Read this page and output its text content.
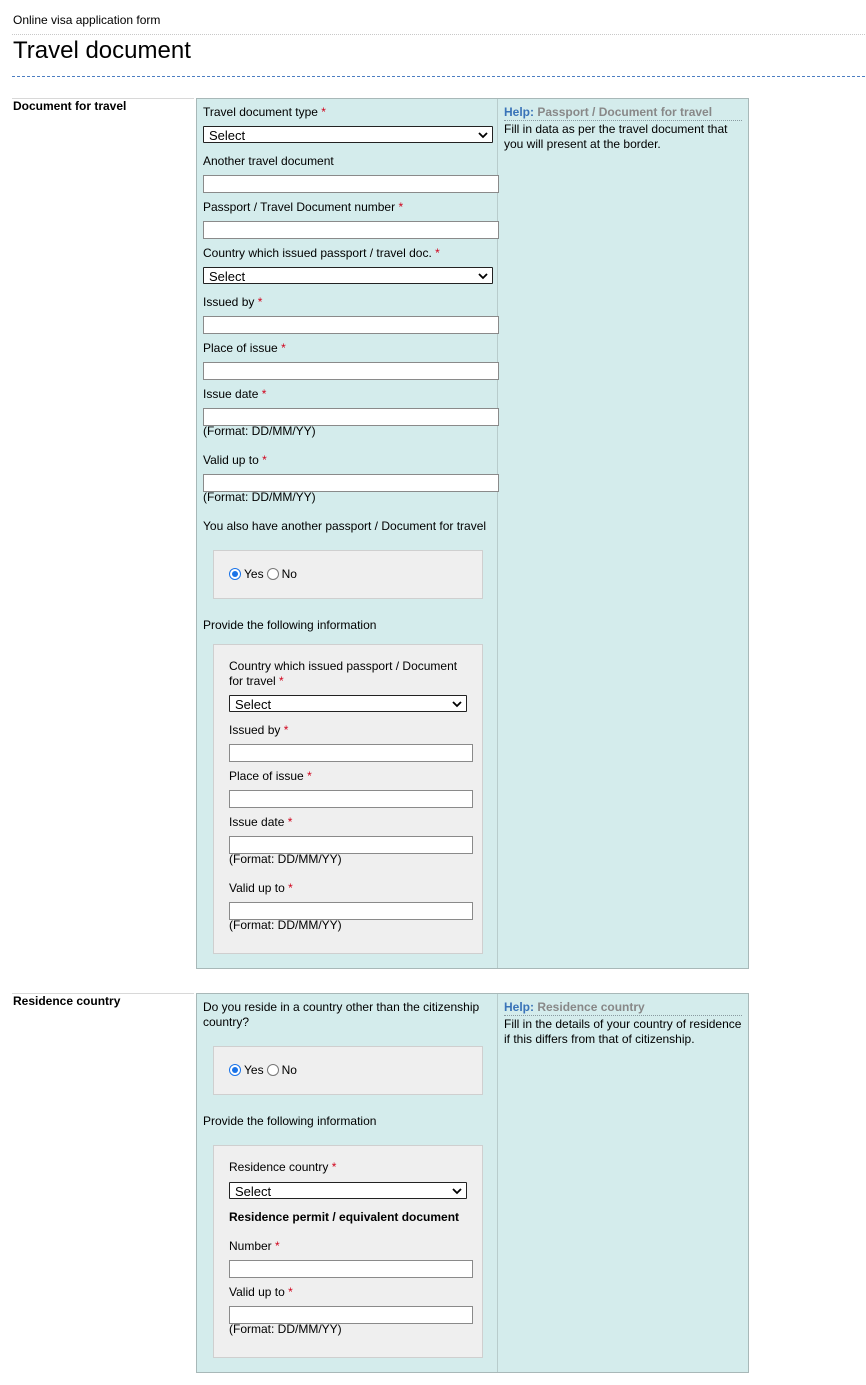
Online visa application form
Travel document
Document for travel	Help: Passport / Document for travel
Fill in data as per the travel document that you will present at the border.
Travel document type *
Select
Another travel document
Passport / Travel Document number *
Country which issued passport / travel doc. *
Select
Issued by *
Place of issue *
Issue date *
(Format: DD/MM/YY)
Valid up to *
(Format: DD/MM/YY)
You also have another passport / Document for travel
Yes No
Provide the following information
Country which issued passport / Document for travel *
Select
Issued by *
Place of issue *
Issue date *
(Format: DD/MM/YY)
Valid up to *
(Format: DD/MM/YY)
Residence country	Help: Residence country
Fill in the details of your country of residence if this differs from that of citizenship.
Do you reside in a country other than the citizenship country?
Yes No
Provide the following information
Residence country *
Select
Residence permit / equivalent document
Number *
Valid up to *
(Format: DD/MM/YY)
